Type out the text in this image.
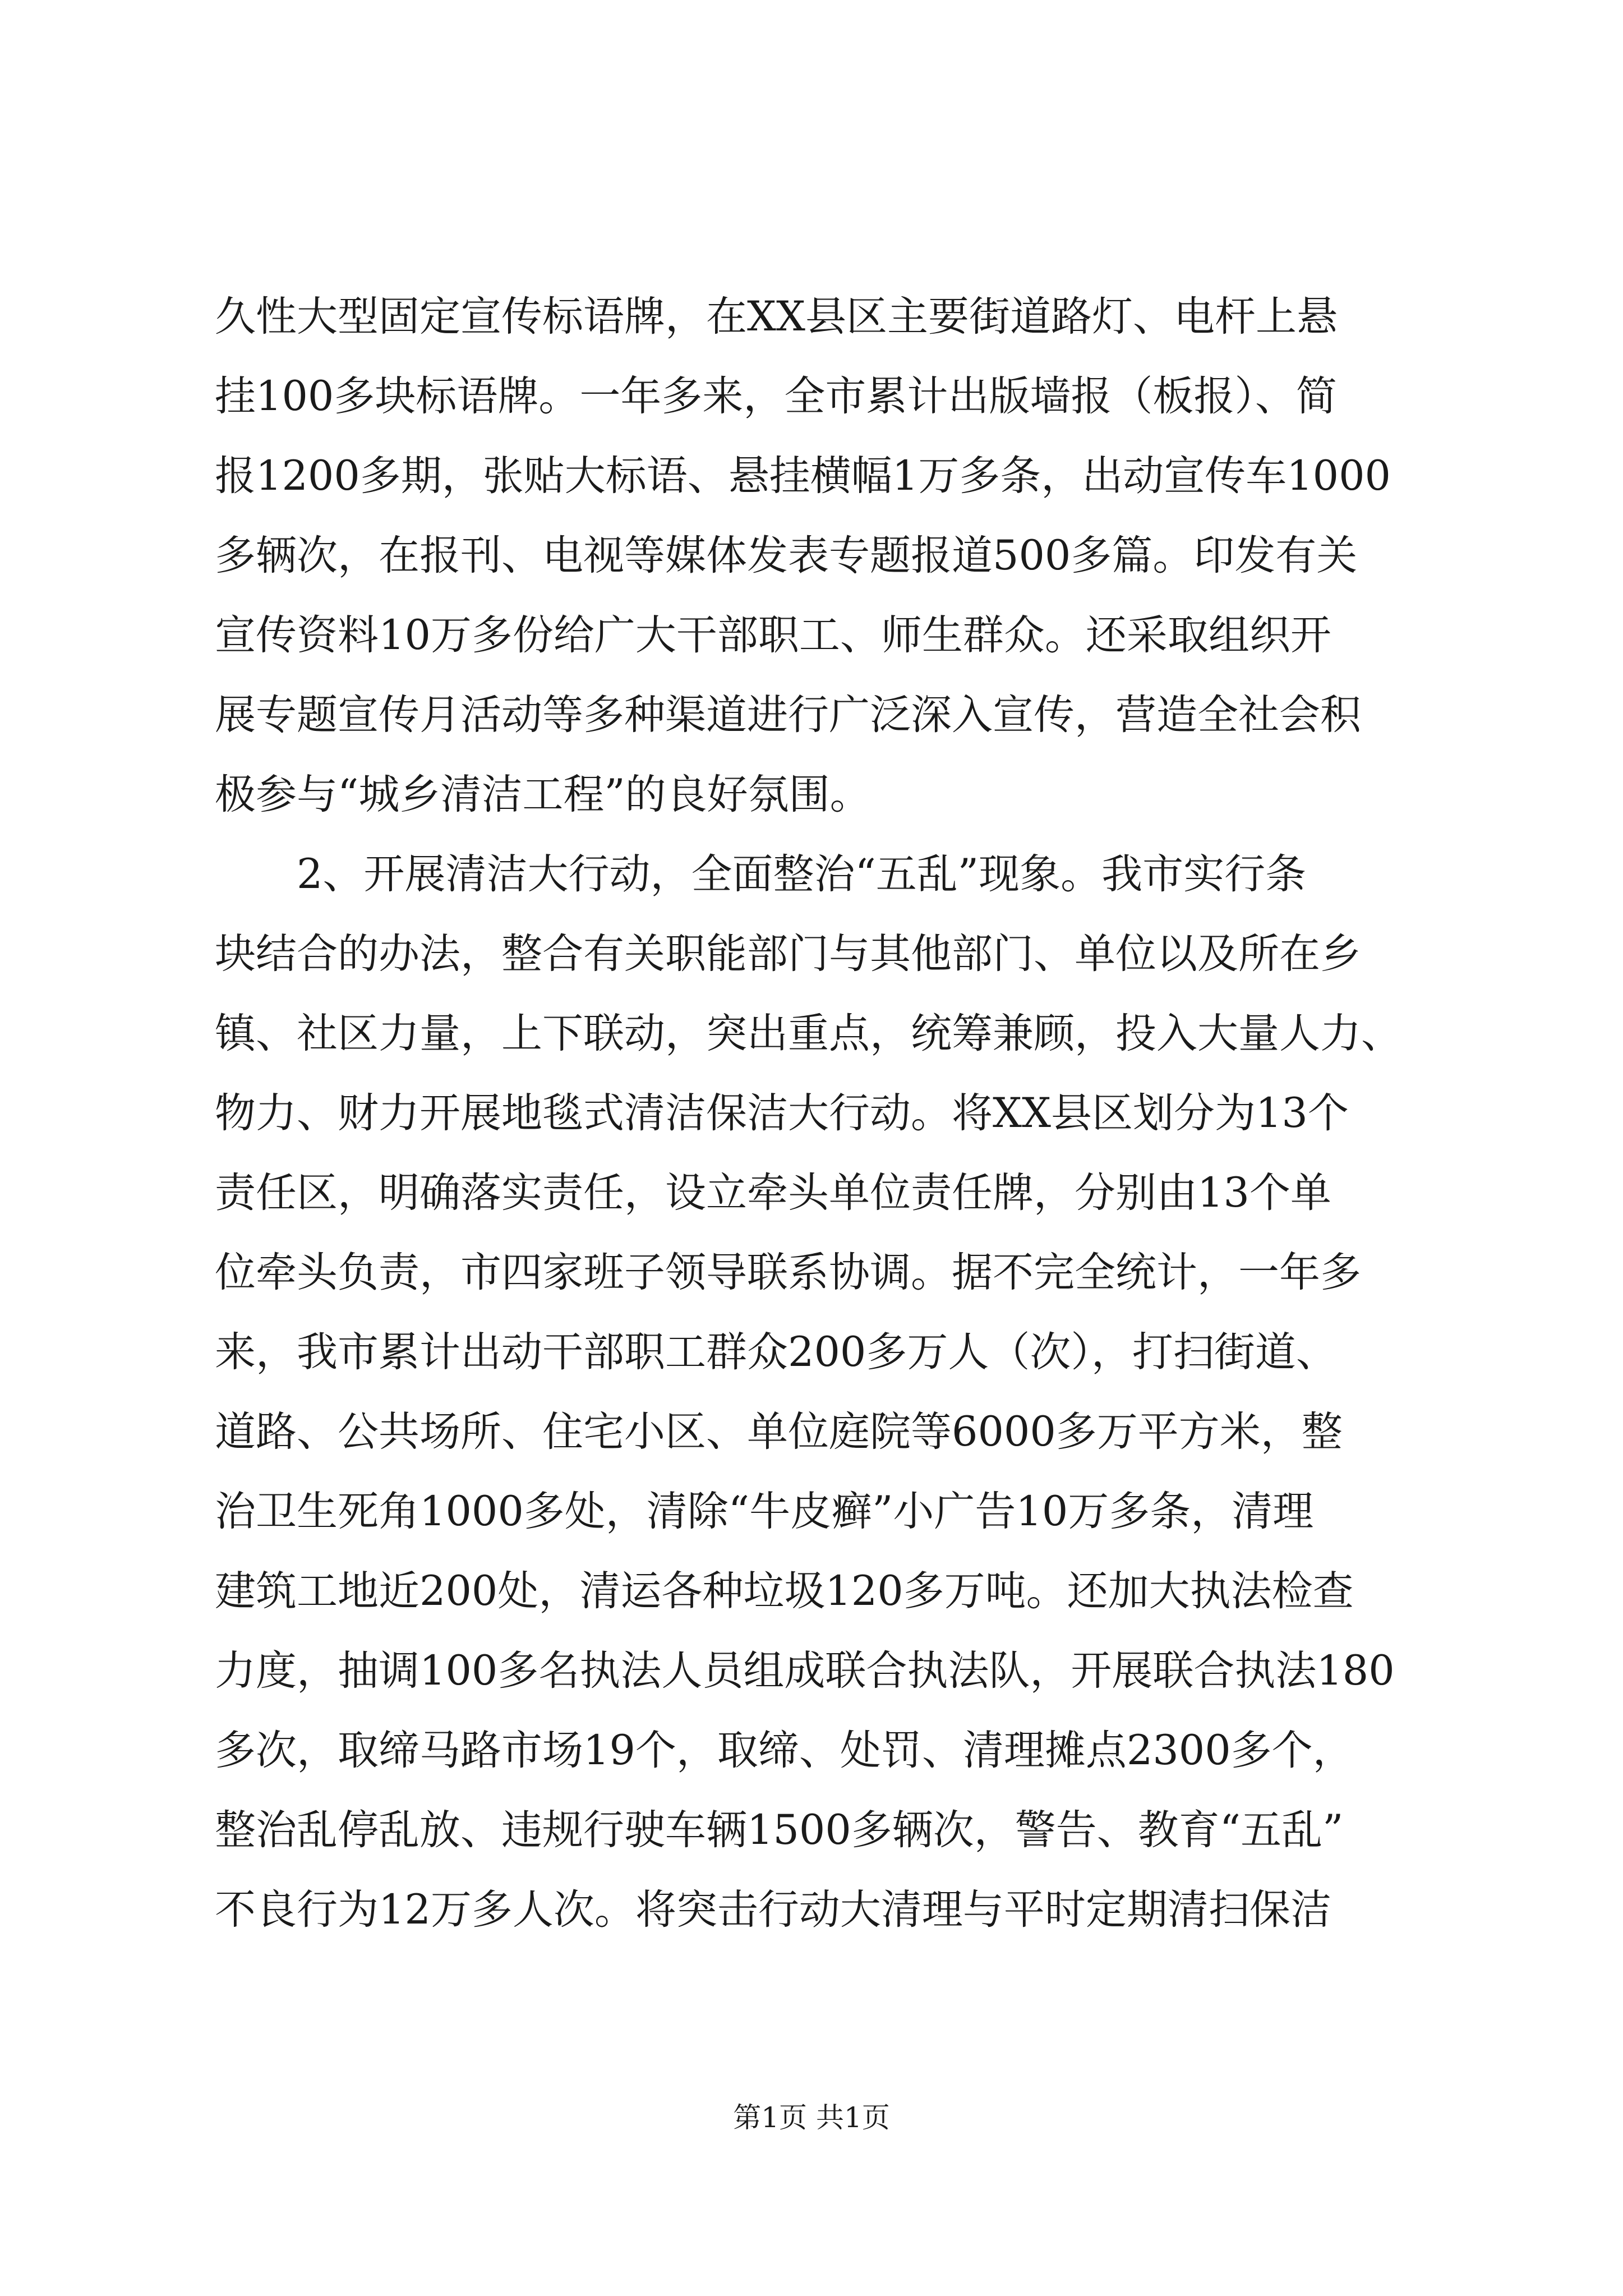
久性大型固定宣传标语牌，在XX县区主要街道路灯、电杆上悬
挂100多块标语牌。一年多来，全市累计出版墙报（板报）、简
报1200多期，张贴大标语、悬挂横幅1万多条，出动宣传车1000
多辆次，在报刊、电视等媒体发表专题报道500多篇。印发有关
宣传资料10万多份给广大干部职工、师生群众。还采取组织开
展专题宣传月活动等多种渠道进行广泛深入宣传，营造全社会积
极参与“城乡清洁工程”的良好氛围。
2、开展清洁大行动，全面整治“五乱”现象。我市实行条
块结合的办法，整合有关职能部门与其他部门、单位以及所在乡
镇、社区力量，上下联动，突出重点，统筹兼顾，投入大量人力、
物力、财力开展地毯式清洁保洁大行动。将XX县区划分为13个
责任区，明确落实责任，设立牵头单位责任牌，分别由13个单
位牵头负责，市四家班子领导联系协调。据不完全统计，一年多
来，我市累计出动干部职工群众200多万人（次），打扫街道、
道路、公共场所、住宅小区、单位庭院等6000多万平方米，整
治卫生死角1000多处，清除“牛皮癣”小广告10万多条，清理
建筑工地近200处，清运各种垃圾120多万吨。还加大执法检查
力度，抽调100多名执法人员组成联合执法队，开展联合执法180
多次，取缔马路市场19个，取缔、处罚、清理摊点2300多个，
整治乱停乱放、违规行驶车辆1500多辆次，警告、教育“五乱”
不良行为12万多人次。将突击行动大清理与平时定期清扫保洁
第1页 共1页
